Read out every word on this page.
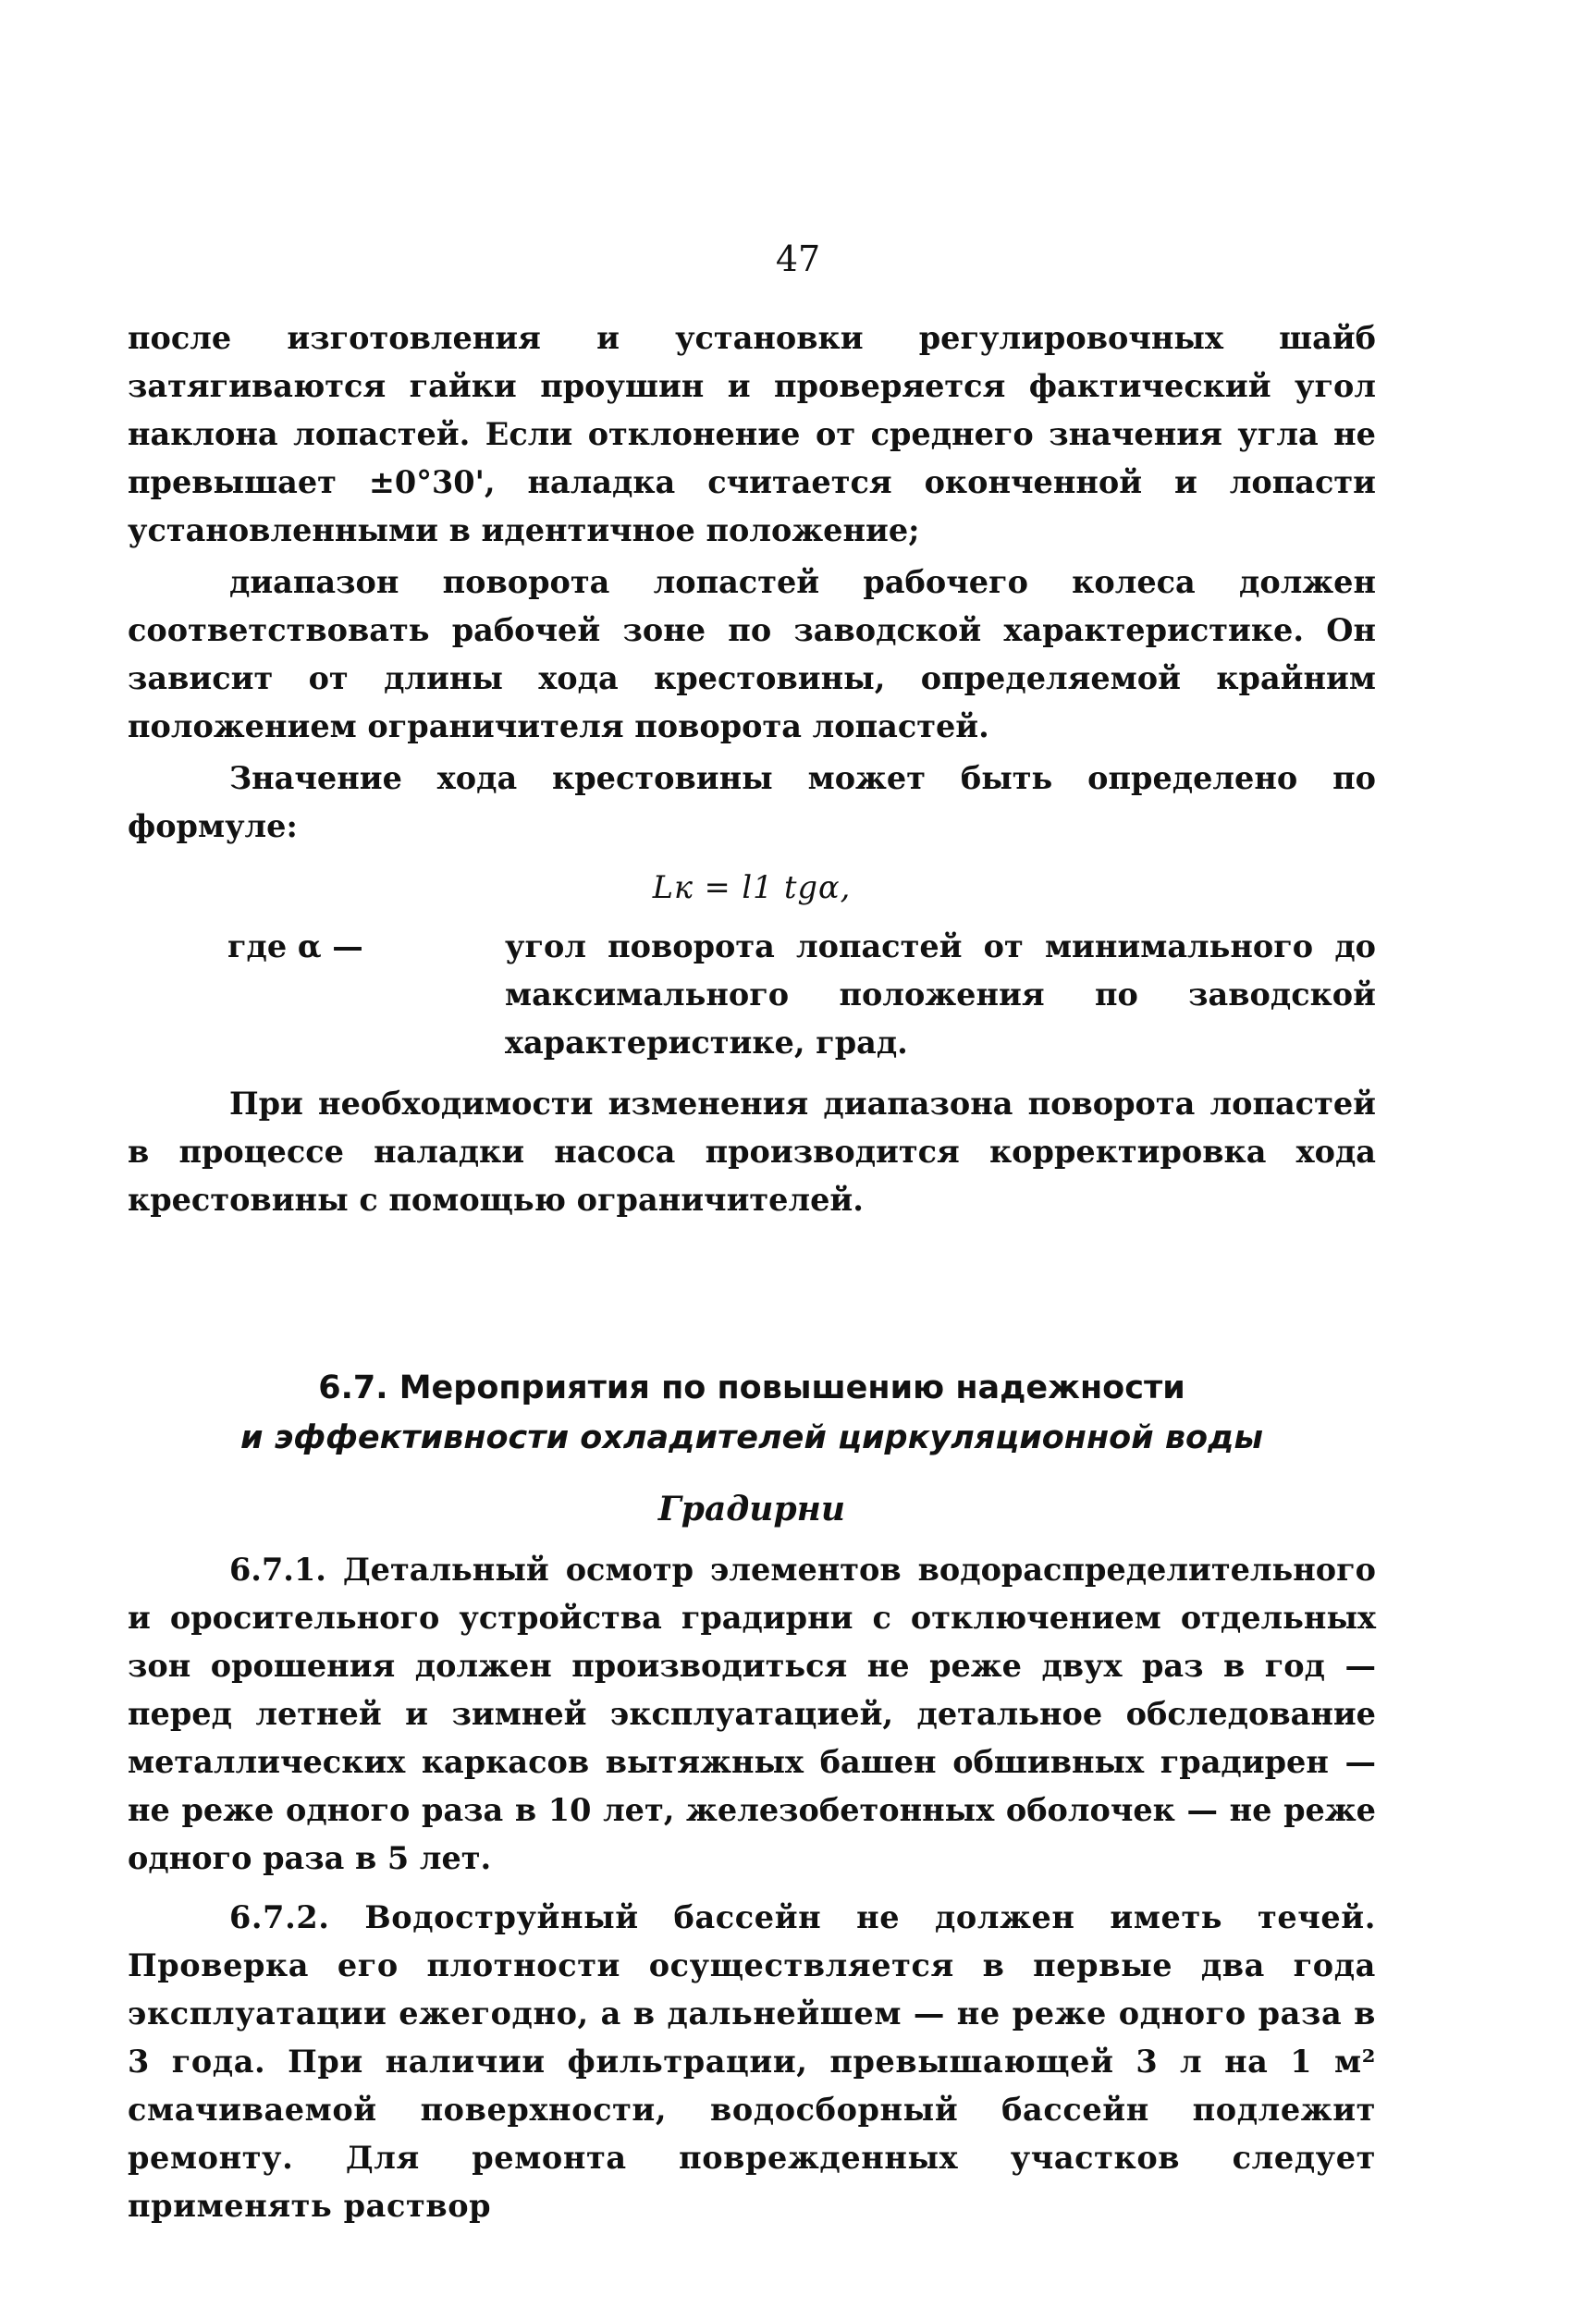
47

после изготовления и установки регулировочных шайб затягиваются гайки проушин и проверяется фактический угол наклона лопастей. Если отклонение от среднего значения угла не превышает ±0°30', наладка считается оконченной и лопасти установленными в идентичное положение;

диапазон поворота лопастей рабочего колеса должен соответствовать рабочей зоне по заводской характеристике. Он зависит от длины хода крестовины, определяемой крайним положением ограничителя поворота лопастей.

Значение хода крестовины может быть определено по формуле:

Lк = l1 tgα,
где α —	угол поворота лопастей от минимального до максимального положения по заводской характеристике, град.

При необходимости изменения диапазона поворота лопастей в процессе наладки насоса производится корректировка хода крестовины с помощью ограничителей.

6.7. Мероприятия по повышению надежности
и эффективности охладителей циркуляционной воды
Градирни

6.7.1. Детальный осмотр элементов водораспределительного и оросительного устройства градирни с отключением отдельных зон орошения должен производиться не реже двух раз в год — перед летней и зимней эксплуатацией, детальное обследование металлических каркасов вытяжных башен обшивных градирен — не реже одного раза в 10 лет, железобетонных оболочек — не реже одного раза в 5 лет.

6.7.2. Водоструйный бассейн не должен иметь течей. Проверка его плотности осуществляется в первые два года эксплуатации ежегодно, а в дальнейшем — не реже одного раза в 3 года. При наличии фильтрации, превышающей 3 л на 1 м² смачиваемой поверхности, водосборный бассейн подлежит ремонту. Для ремонта поврежденных участков следует применять раствор
